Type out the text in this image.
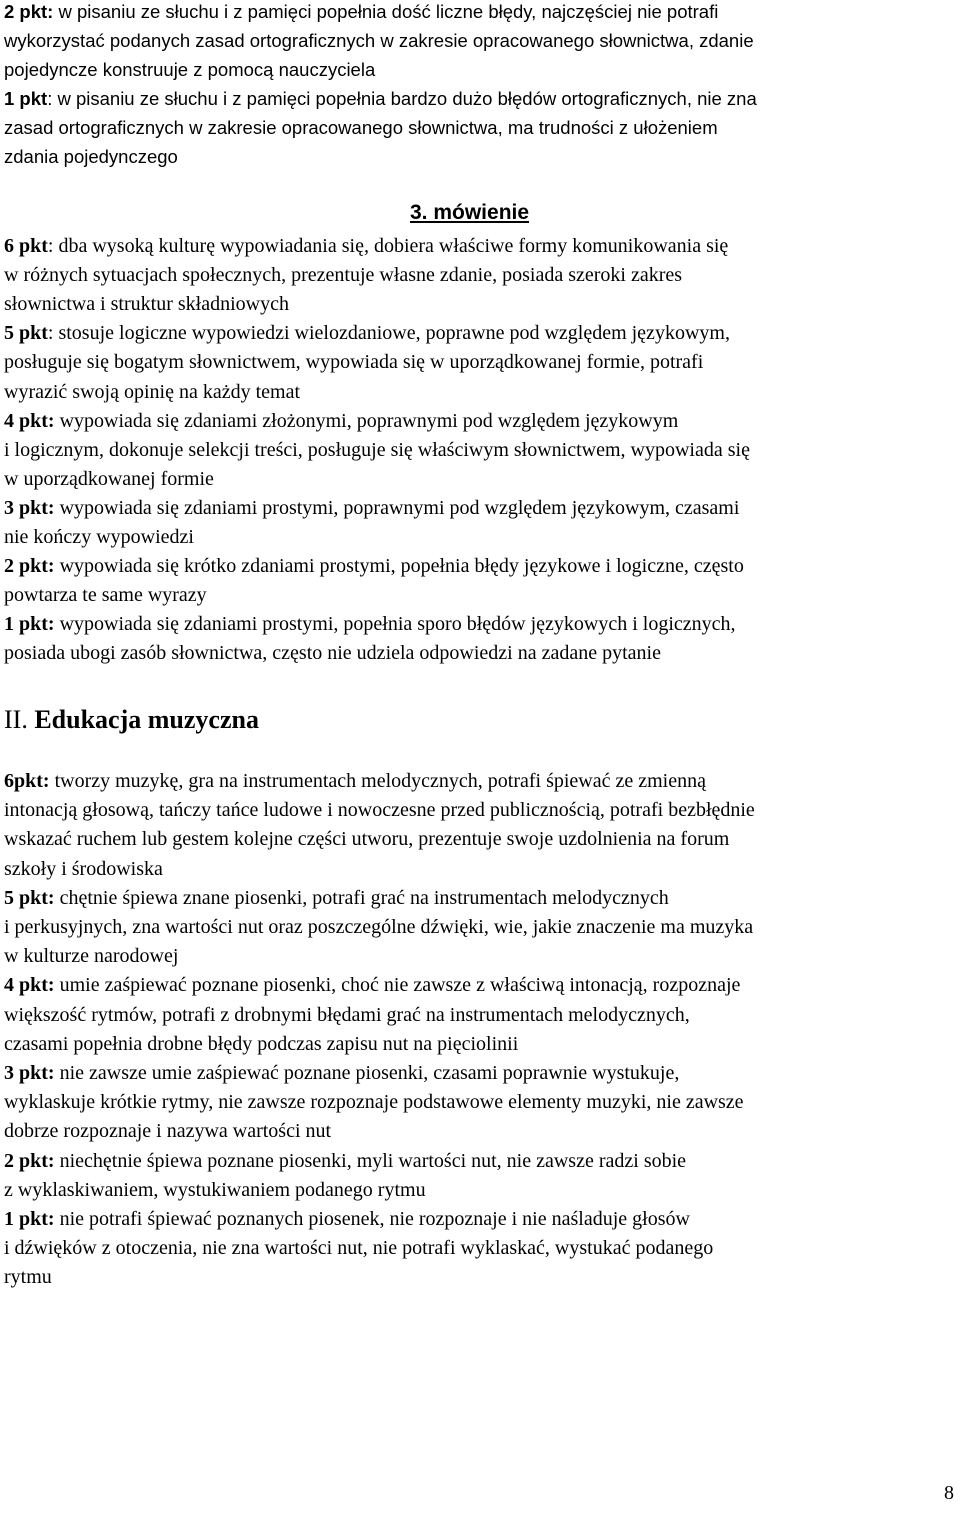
2 pkt: w pisaniu ze słuchu i z pamięci popełnia dość liczne błędy, najczęściej nie potrafi
wykorzystać podanych zasad ortograficznych w zakresie opracowanego słownictwa, zdanie
pojedyncze konstruuje z pomocą nauczyciela
1 pkt: w pisaniu ze słuchu i z pamięci popełnia bardzo dużo błędów ortograficznych, nie zna
zasad ortograficznych w zakresie opracowanego słownictwa, ma trudności z ułożeniem
zdania pojedynczego
3. mówienie
6 pkt: dba wysoką kulturę wypowiadania się, dobiera właściwe formy komunikowania się
w różnych sytuacjach społecznych, prezentuje własne zdanie, posiada szeroki zakres
słownictwa i struktur składniowych
5 pkt: stosuje logiczne wypowiedzi wielozdaniowe, poprawne pod względem językowym,
posługuje się bogatym słownictwem, wypowiada się w uporządkowanej formie, potrafi
wyrazić swoją opinię na każdy temat
4 pkt: wypowiada się zdaniami złożonymi, poprawnymi pod względem językowym
i logicznym, dokonuje selekcji treści, posługuje się właściwym słownictwem, wypowiada się
w uporządkowanej formie
3 pkt: wypowiada się zdaniami prostymi, poprawnymi pod względem językowym, czasami
nie kończy wypowiedzi
2 pkt: wypowiada się krótko zdaniami prostymi, popełnia błędy językowe i logiczne, często
powtarza te same wyrazy
1 pkt: wypowiada się zdaniami prostymi, popełnia sporo błędów językowych i logicznych,
posiada ubogi zasób słownictwa, często nie udziela odpowiedzi na zadane pytanie
II. Edukacja muzyczna
6pkt: tworzy muzykę, gra na instrumentach melodycznych, potrafi śpiewać ze zmienną
intonacją głosową, tańczy tańce ludowe i nowoczesne przed publicznością, potrafi bezbłędnie
wskazać ruchem lub gestem kolejne części utworu, prezentuje swoje uzdolnienia na forum
szkoły i środowiska
5 pkt: chętnie śpiewa znane piosenki, potrafi grać na instrumentach melodycznych
i perkusyjnych, zna wartości nut oraz poszczególne dźwięki, wie, jakie znaczenie ma muzyka
w kulturze narodowej
4 pkt: umie zaśpiewać poznane piosenki, choć nie zawsze z właściwą intonacją, rozpoznaje
większość rytmów, potrafi z drobnymi błędami grać na instrumentach melodycznych,
czasami popełnia drobne błędy podczas zapisu nut na pięciolinii
3 pkt: nie zawsze umie zaśpiewać poznane piosenki, czasami poprawnie wystukuje,
wyklaskuje krótkie rytmy, nie zawsze rozpoznaje podstawowe elementy muzyki, nie zawsze
dobrze rozpoznaje i nazywa wartości nut
2 pkt: niechętnie śpiewa poznane piosenki, myli wartości nut, nie zawsze radzi sobie
z wyklaskiwaniem, wystukiwaniem podanego rytmu
1 pkt: nie potrafi śpiewać poznanych piosenek, nie rozpoznaje i nie naśladuje głosów
i dźwięków z otoczenia, nie zna wartości nut, nie potrafi wyklaskać, wystukać podanego
rytmu
8
